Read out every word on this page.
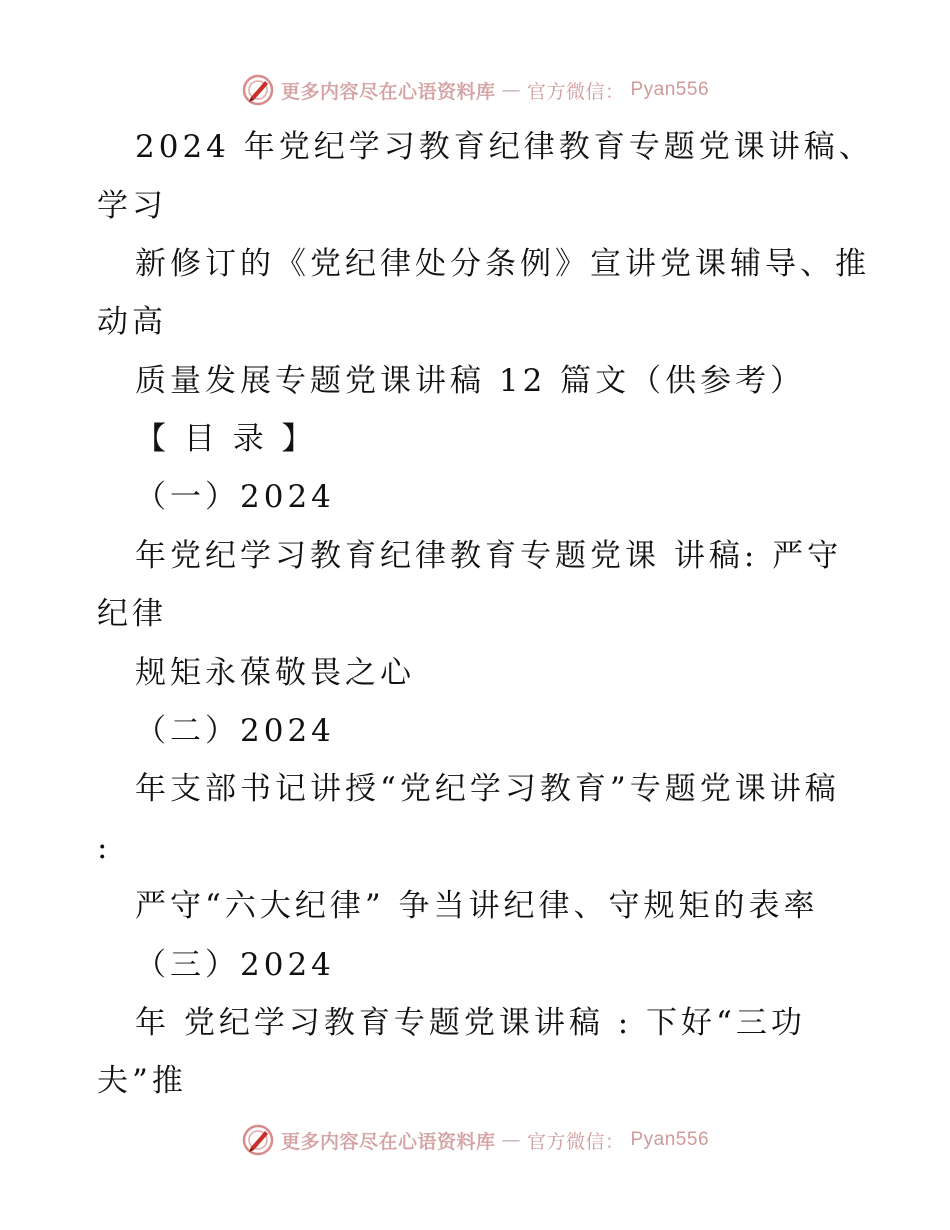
更多内容尽在心语资料库 — 官方微信： Pyan556
2024 年党纪学习教育纪律教育专题党课讲稿、
学习
新修订的《党纪律处分条例》宣讲党课辅导、推
动高
质量发展专题党课讲稿 12 篇文（供参考）
【 目 录 】
（一）2024
年党纪学习教育纪律教育专题党课 讲稿: 严守
纪律
规矩永葆敬畏之心
（二）2024
年支部书记讲授“党纪学习教育”专题党课讲稿
:
严守“六大纪律” 争当讲纪律、守规矩的表率
（三）2024
年 党纪学习教育专题党课讲稿 : 下好“三功
夫”推
更多内容尽在心语资料库 — 官方微信： Pyan556
